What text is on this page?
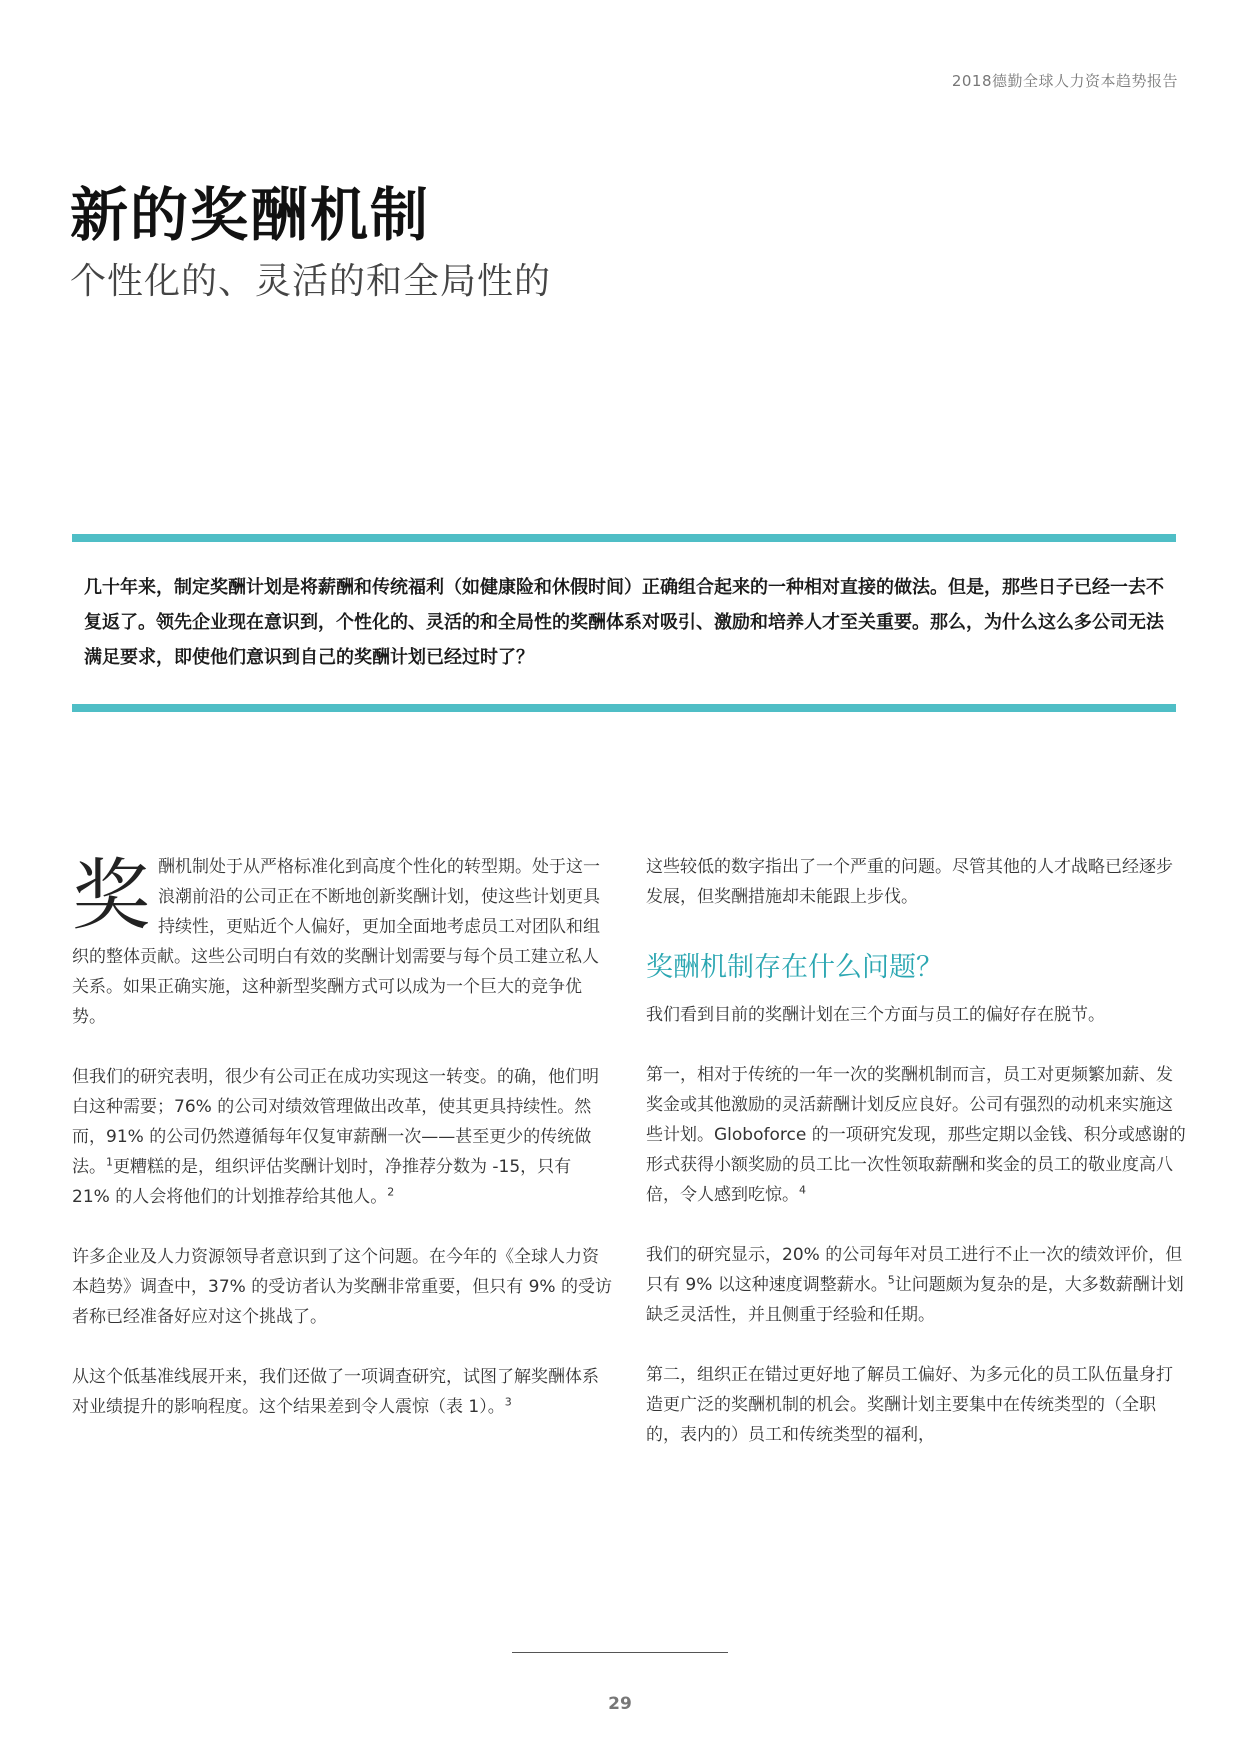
2018德勤全球人力资本趋势报告
新的奖酬机制
个性化的、灵活的和全局性的

几十年来，制定奖酬计划是将薪酬和传统福利（如健康险和休假时间）正确组合起来的一种相对直接的做法。但是，那些日子已经一去不复返了。领先企业现在意识到，个性化的、灵活的和全局性的奖酬体系对吸引、激励和培养人才至关重要。那么，为什么这么多公司无法满足要求，即使他们意识到自己的奖酬计划已经过时了？

奖酬机制处于从严格标准化到高度个性化的转型期。处于这一浪潮前沿的公司正在不断地创新奖酬计划，使这些计划更具持续性，更贴近个人偏好，更加全面地考虑员工对团队和组织的整体贡献。这些公司明白有效的奖酬计划需要与每个员工建立私人关系。如果正确实施，这种新型奖酬方式可以成为一个巨大的竞争优势。

但我们的研究表明，很少有公司正在成功实现这一转变。的确，他们明白这种需要；76% 的公司对绩效管理做出改革，使其更具持续性。然而，91% 的公司仍然遵循每年仅复审薪酬一次——甚至更少的传统做法。$^1$更糟糕的是，组织评估奖酬计划时，净推荐分数为 -15，只有 21% 的人会将他们的计划推荐给其他人。$^2$

许多企业及人力资源领导者意识到了这个问题。在今年的《全球人力资本趋势》调查中，37% 的受访者认为奖酬非常重要，但只有 9% 的受访者称已经准备好应对这个挑战了。

从这个低基准线展开来，我们还做了一项调查研究，试图了解奖酬体系对业绩提升的影响程度。这个结果差到令人震惊（表 1）。$^3$

这些较低的数字指出了一个严重的问题。尽管其他的人才战略已经逐步发展，但奖酬措施却未能跟上步伐。

奖酬机制存在什么问题？

我们看到目前的奖酬计划在三个方面与员工的偏好存在脱节。

第一，相对于传统的一年一次的奖酬机制而言，员工对更频繁加薪、发奖金或其他激励的灵活薪酬计划反应良好。公司有强烈的动机来实施这些计划。Globoforce 的一项研究发现，那些定期以金钱、积分或感谢的形式获得小额奖励的员工比一次性领取薪酬和奖金的员工的敬业度高八倍，令人感到吃惊。$^4$

我们的研究显示，20% 的公司每年对员工进行不止一次的绩效评价，但只有 9% 以这种速度调整薪水。$^5$让问题颇为复杂的是，大多数薪酬计划缺乏灵活性，并且侧重于经验和任期。

第二，组织正在错过更好地了解员工偏好、为多元化的员工队伍量身打造更广泛的奖酬机制的机会。奖酬计划主要集中在传统类型的（全职的，表内的）员工和传统类型的福利，

29
